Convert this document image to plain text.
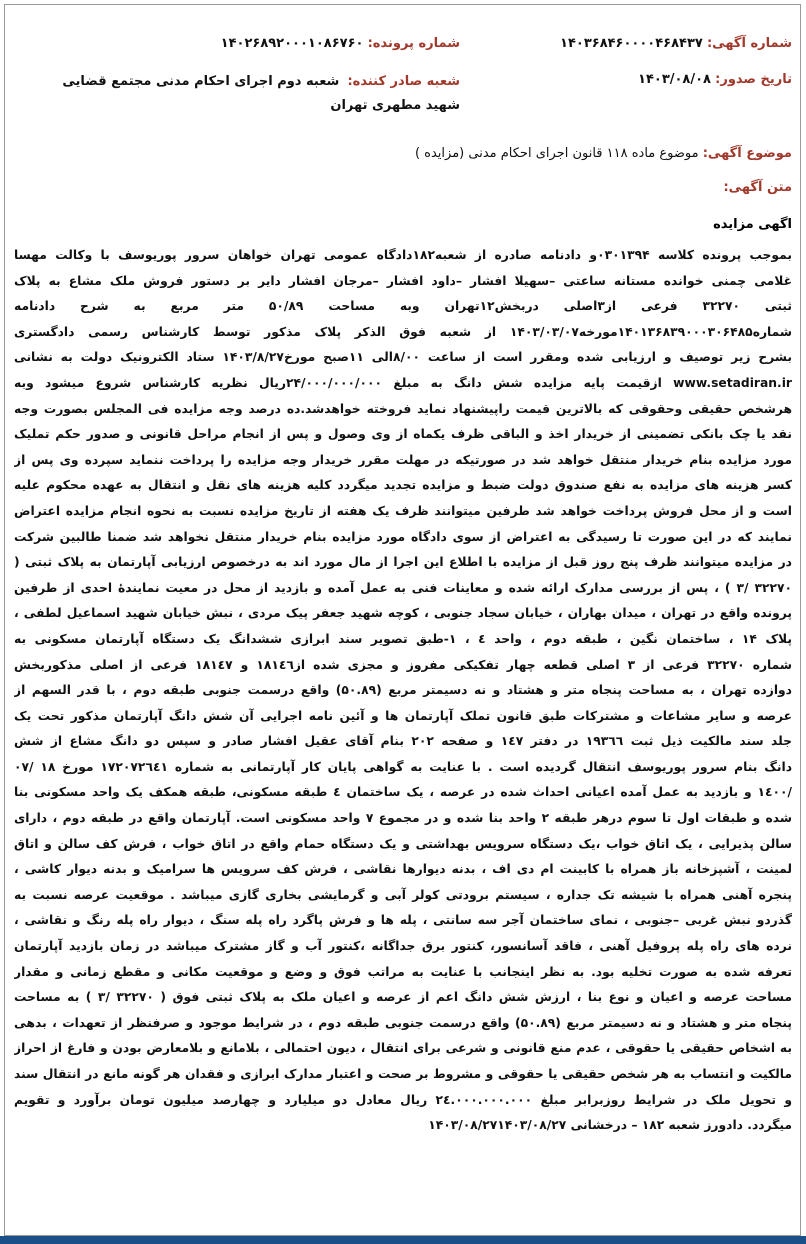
شماره آگهی: ۱۴۰۳۶۸۴۶۰۰۰۰۴۶۸۴۳۷
شماره پرونده: ۱۴۰۲۶۸۹۲۰۰۰۱۰۸۶۷۶۰
تاریخ صدور: ۱۴۰۳/۰۸/۰۸
شعبه صادر کننده: شعبه دوم اجرای احکام مدنی مجتمع قضایی شهید مطهری تهران
موضوع آگهی: موضوع ماده ۱۱۸ قانون اجرای احکام مدنی (مزایده )
متن آگهی:
اگهی مزایده
بموجب پرونده کلاسه ۰۳۰۱۳۹۴و دادنامه صادره از شعبه۱۸۲دادگاه عمومی تهران خواهان سرور پوریوسف با وکالت مهسا
غلامی چمنی خوانده مستانه ساعتی –سهیلا افشار –داود افشار –مرجان افشار دایر بر دستور فروش ملک مشاع به پلاک
ثبتی ۳۲۲۷۰ فرعی از۳اصلی دربخش۱۲تهران وبه مساحت ۵۰/۸۹ متر مربع به شرح دادنامه
شماره۱۴۰۱۳۶۸۳۹۰۰۰۳۰۶۴۸۵مورخه۱۴۰۳/۰۳/۰۷ از شعبه فوق الذکر پلاک مذکور توسط کارشناس رسمی دادگستری
بشرح زیر توصیف و ارزیابی شده ومقرر است از ساعت ۸/۰۰الی ۱۱صبح مورخ۱۴۰۳/۸/۲۷ ستاد الکترونیک دولت به نشانی
www.setadiran.ir ازقیمت پایه مزایده شش دانگ به مبلغ ۲۴/۰۰۰/۰۰۰/۰۰۰ریال نظریه کارشناس شروع میشود وبه
هرشخص حقیقی وحقوقی که بالاترین قیمت راپیشنهاد نماید فروخته خواهدشد.ده درصد وجه مزایده فی المجلس بصورت وجه
نقد یا چک بانکی تضمینی از خریدار اخذ و الباقی ظرف یکماه از وی وصول و پس از انجام مراحل قانونی و صدور حکم تملیک
مورد مزایده بنام خریدار منتقل خواهد شد در صورتیکه در مهلت مقرر خریدار وجه مزایده را پرداخت ننماید سپرده وی پس از
کسر هزینه های مزایده به نفع صندوق دولت ضبط و مزایده تجدید میگردد کلیه هزینه های نقل و انتقال به عهده محکوم علیه
است و از محل فروش پرداخت خواهد شد طرفین میتوانند ظرف یک هفته از تاریخ مزایده نسبت به نحوه انجام مزایده اعتراض
نمایند که در این صورت تا رسیدگی به اعتراض از سوی دادگاه مورد مزایده بنام خریدار منتقل نخواهد شد ضمنا طالبین شرکت
در مزایده میتوانند ظرف پنج روز قبل از مزایده با اطلاع این اجرا از مال مورد اند به درخصوص ارزیابی آپارتمان به پلاک ثبتی (
۳۲۲۷۰ /۳ ) ، پس از بررسی مدارک ارائه شده و معاینات فنی به عمل آمده و بازدید از محل در معیت نمایندۀ احدی از طرفین
پرونده واقع در تهران ، میدان بهاران ، خیابان سجاد جنوبی ، کوچه شهید جعفر پیک مردی ، نبش خیابان شهید اسماعیل لطفی ،
پلاک ۱۴ ، ساختمان نگین ، طبقه دوم ، واحد ٤ ، ۱-طبق تصویر سند ابرازی ششدانگ یک دستگاه آپارتمان مسکونی به
شماره ۳۲۲۷۰ فرعی از ۳ اصلی قطعه چهار تفکیکی مفروز و مجزی شده از۱۸۱٤٦ و ۱۸۱٤۷ فرعی از اصلی مذکوربخش
دوازده تهران ، به مساحت پنجاه متر و هشتاد و نه دسیمتر مربع (۵۰.۸۹) واقع درسمت جنوبی طبقه دوم ، با قدر السهم از
عرصه و سایر مشاعات و مشترکات طبق قانون تملک آپارتمان ها و آئین نامه اجرایی آن شش دانگ آپارتمان مذکور تحت یک
جلد سند مالکیت ذیل ثبت ۱۹۳٦٦ در دفتر ۱٤۷ و صفحه ۲۰۲ بنام آقای عقیل افشار صادر و سپس دو دانگ مشاع از شش
دانگ بنام سرور پوریوسف انتقال گردیده است . با عنایت به گواهی پایان کار آپارتمانی به شماره ۱۷۲۰۷۲٦٤۱ مورخ ۱۸ /۰۷
/۱٤۰۰ و بازدید به عمل آمده اعیانی احداث شده در عرصه ، یک ساختمان ٤ طبقه مسکونی، طبقه همکف یک واحد مسکونی بنا
شده و طبقات اول تا سوم درهر طبقه ۲ واحد بنا شده و در مجموع ۷ واحد مسکونی است. آپارتمان واقع در طبقه دوم ، دارای
سالن پذیرایی ، یک اتاق خواب ،یک دستگاه سرویس بهداشتی و یک دستگاه حمام واقع در اتاق خواب ، فرش کف سالن و اتاق
لمینت ، آشپزخانه باز همراه با کابینت ام دی اف ، بدنه دیوارها نقاشی ، فرش کف سرویس ها سرامیک و بدنه دیوار کاشی ،
پنجره آهنی همراه با شیشه تک جداره ، سیستم برودتی کولر آبی و گرمایشی بخاری گازی میباشد . موقعیت عرصه نسبت به
گذردو نبش غربی –جنوبی ، نمای ساختمان آجر سه سانتی ، پله ها و فرش پاگرد راه پله سنگ ، دیوار راه پله رنگ و نقاشی ،
نرده های راه پله پروفیل آهنی ، فاقد آسانسور، کنتور برق جداگانه ،کنتور آب و گاز مشترک میباشد در زمان بازدید آپارتمان
تعرفه شده به صورت تخلیه بود. به نظر اینجانب با عنایت به مراتب فوق و وضع و موقعیت مکانی و مقطع زمانی و مقدار
مساحت عرصه و اعیان و نوع بنا ، ارزش شش دانگ اعم از عرصه و اعیان ملک به پلاک ثبتی فوق ( ۳۲۲۷۰ /۳ ) به مساحت
پنجاه متر و هشتاد و نه دسیمتر مربع (۵۰.۸۹) واقع درسمت جنوبی طبقه دوم ، در شرایط موجود و صرفنظر از تعهدات ، بدهی
به اشخاص حقیقی یا حقوقی ، عدم منع قانونی و شرعی برای انتقال ، دیون احتمالی ، بلامانع و بلامعارض بودن و فارغ از احراز
مالکیت و انتساب به هر شخص حقیقی یا حقوقی و مشروط بر صحت و اعتبار مدارک ابرازی و فقدان هر گونه مانع در انتقال سند
و تحویل ملک در شرایط روزبرابر مبلغ ۲٤.۰۰۰.۰۰۰.۰۰۰ ریال معادل دو میلیارد و چهارصد میلیون تومان برآورد و تقویم
میگردد. دادورز شعبه ۱۸۲ – درخشانی ۱۴۰۳/۰۸/۲۷۱۴۰۳/۰۸/۲۷
